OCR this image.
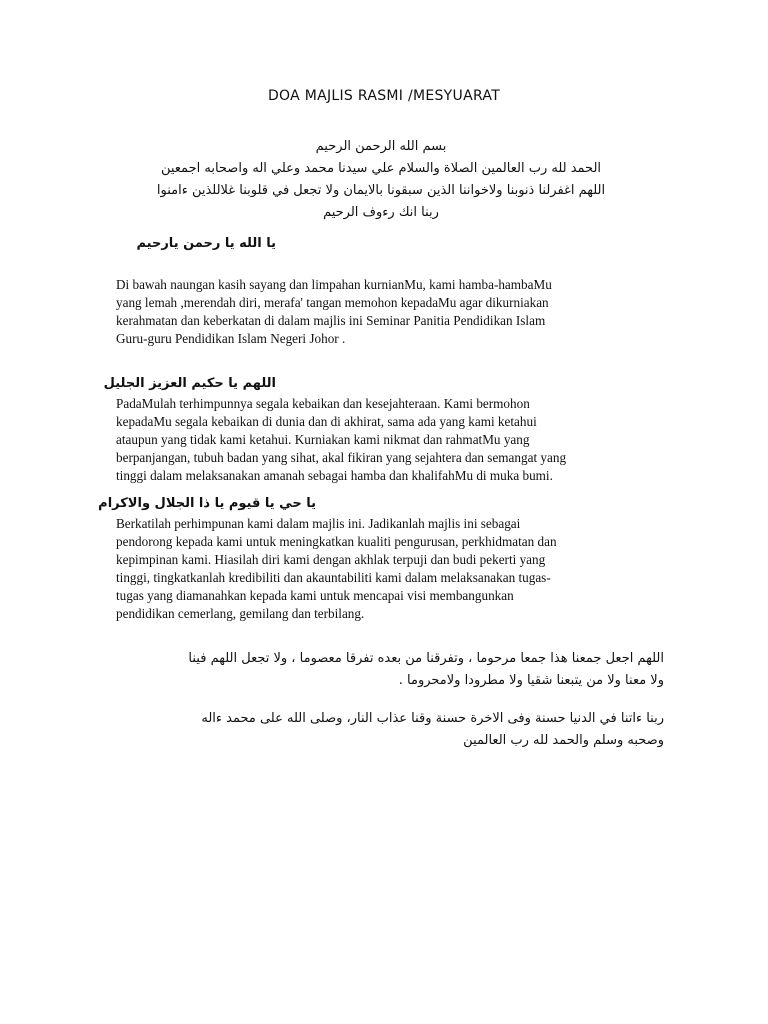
DOA MAJLIS RASMI /MESYUARAT
بسم الله الرحمن الرحيم
الحمد لله رب العالمين الصلاة والسلام علي سيدنا محمد وعلي اله واصحابه اجمعين
اللهم اغفرلنا ذنوبنا ولاخواننا الذين سبقونا بالايمان ولا تجعل في قلوبنا غلاللذين ءامنوا
ربنا انك رءوف الرحيم
يا الله يا رحمن يارحيم
Di bawah naungan kasih sayang dan limpahan kurnianMu, kami hamba-hambaMu
yang lemah ,merendah diri, merafa' tangan memohon kepadaMu agar dikurniakan
kerahmatan dan keberkatan di dalam majlis ini Seminar Panitia Pendidikan Islam
Guru-guru Pendidikan Islam Negeri Johor .
اللهم يا حكيم العزيز الجليل
PadaMulah terhimpunnya segala kebaikan dan kesejahteraan. Kami bermohon
kepadaMu segala kebaikan di dunia dan di akhirat, sama ada yang kami ketahui
ataupun yang tidak kami ketahui. Kurniakan kami nikmat dan rahmatMu yang
berpanjangan, tubuh badan yang sihat, akal fikiran yang sejahtera dan semangat yang
tinggi dalam melaksanakan amanah sebagai hamba dan khalifahMu di muka bumi.
يا حي يا قيوم يا ذا الجلال والاكرام
Berkatilah perhimpunan kami dalam majlis ini. Jadikanlah majlis ini sebagai
pendorong kepada kami untuk meningkatkan kualiti pengurusan, perkhidmatan dan
kepimpinan kami. Hiasilah diri kami dengan akhlak terpuji dan budi pekerti yang
tinggi, tingkatkanlah kredibiliti dan akauntabiliti kami dalam melaksanakan tugas-
tugas yang diamanahkan kepada kami untuk mencapai visi membangunkan
pendidikan cemerlang, gemilang dan terbilang.
اللهم اجعل جمعنا هذا جمعا مرحوما ، وتفرقنا من بعده تفرقا معصوما ، ولا تجعل اللهم فينا
ولا معنا ولا من يتبعنا شقيا ولا مطرودا ولامحروما .
ربنا ءاتنا في الدنيا حسنة وفى الاخرة حسنة وقنا عذاب النار، وصلى الله على محمد ءاله
وصحبه وسلم والحمد لله رب العالمين
